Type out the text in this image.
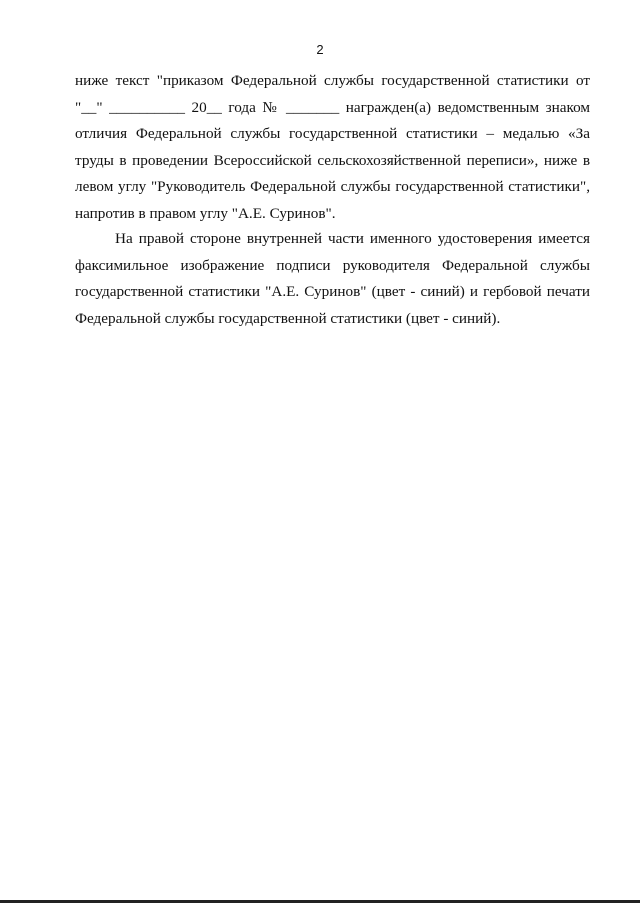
2
ниже текст "приказом Федеральной службы государственной статистики от
"__" __________ 20__ года № _______ награжден(а) ведомственным знаком
отличия Федеральной службы государственной статистики – медалью «За
труды в проведении Всероссийской сельскохозяйственной переписи», ниже в
левом углу "Руководитель Федеральной службы государственной статистики",
напротив в правом углу "А.Е. Суринов".
На правой стороне внутренней части именного удостоверения имеется
факсимильное изображение подписи руководителя Федеральной службы
государственной статистики "А.Е. Суринов" (цвет - синий) и гербовой печати
Федеральной службы государственной статистики (цвет - синий).
